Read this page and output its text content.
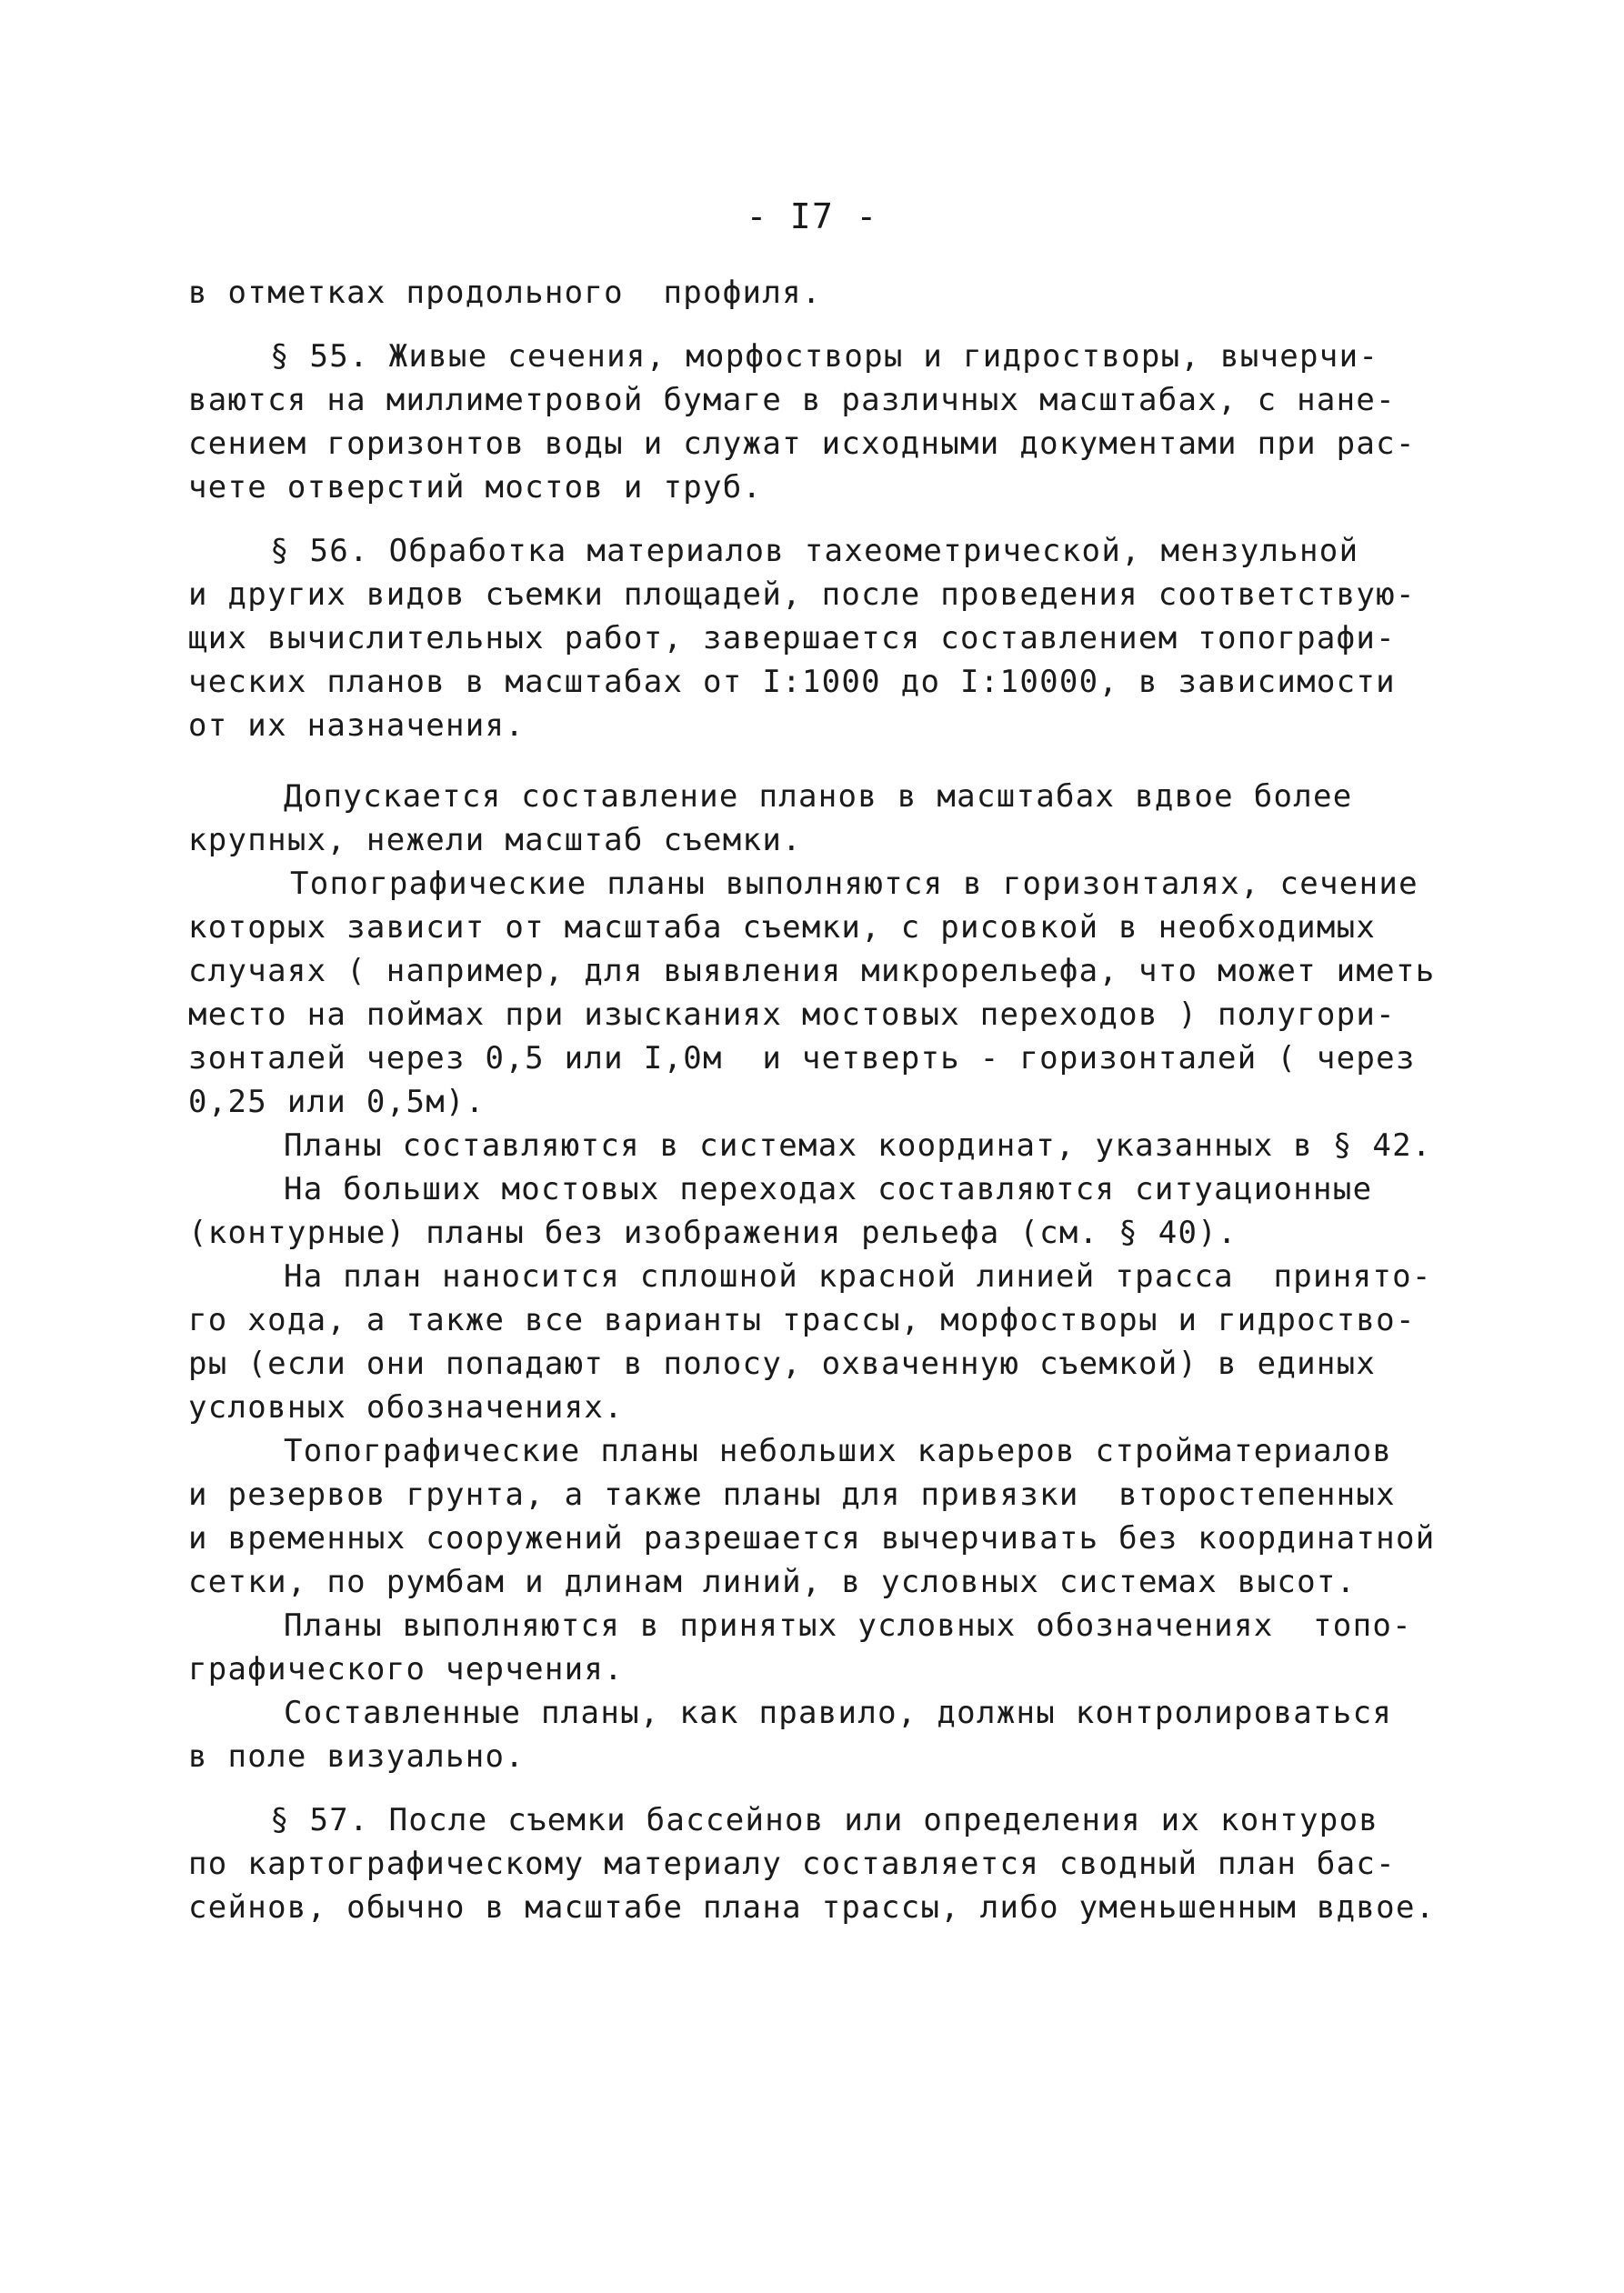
- I7 -
в отметках продольного  профиля.
§ 55. Живые сечения, морфостворы и гидростворы, вычерчи-
ваются на миллиметровой бумаге в различных масштабах, с нане-
сением горизонтов воды и служат исходными документами при рас-
чете отверстий мостов и труб.
§ 56. Обработка материалов тахеометрической, мензульной
и других видов съемки площадей, после проведения соответствую-
щих вычислительных работ, завершается составлением топографи-
ческих планов в масштабах от I:1000 до I:10000, в зависимости
от их назначения.
Допускается составление планов в масштабах вдвое более
крупных, нежели масштаб съемки.
Топографические планы выполняются в горизонталях, сечение
которых зависит от масштаба съемки, с рисовкой в необходимых
случаях ( например, для выявления микрорельефа, что может иметь
место на поймах при изысканиях мостовых переходов ) полугори-
зонталей через 0,5 или I,0м  и четверть - горизонталей ( через
0,25 или 0,5м).
Планы составляются в системах координат, указанных в § 42.
На больших мостовых переходах составляются ситуационные
(контурные) планы без изображения рельефа (см. § 40).
На план наносится сплошной красной линией трасса  принято-
го хода, а также все варианты трассы, морфостворы и гидроство-
ры (если они попадают в полосу, охваченную съемкой) в единых
условных обозначениях.
Топографические планы небольших карьеров стройматериалов
и резервов грунта, а также планы для привязки  второстепенных
и временных сооружений разрешается вычерчивать без координатной
сетки, по румбам и длинам линий, в условных системах высот.
Планы выполняются в принятых условных обозначениях  топо-
графического черчения.
Составленные планы, как правило, должны контролироваться
в поле визуально.
§ 57. После съемки бассейнов или определения их контуров
по картографическому материалу составляется сводный план бас-
сейнов, обычно в масштабе плана трассы, либо уменьшенным вдвое.
